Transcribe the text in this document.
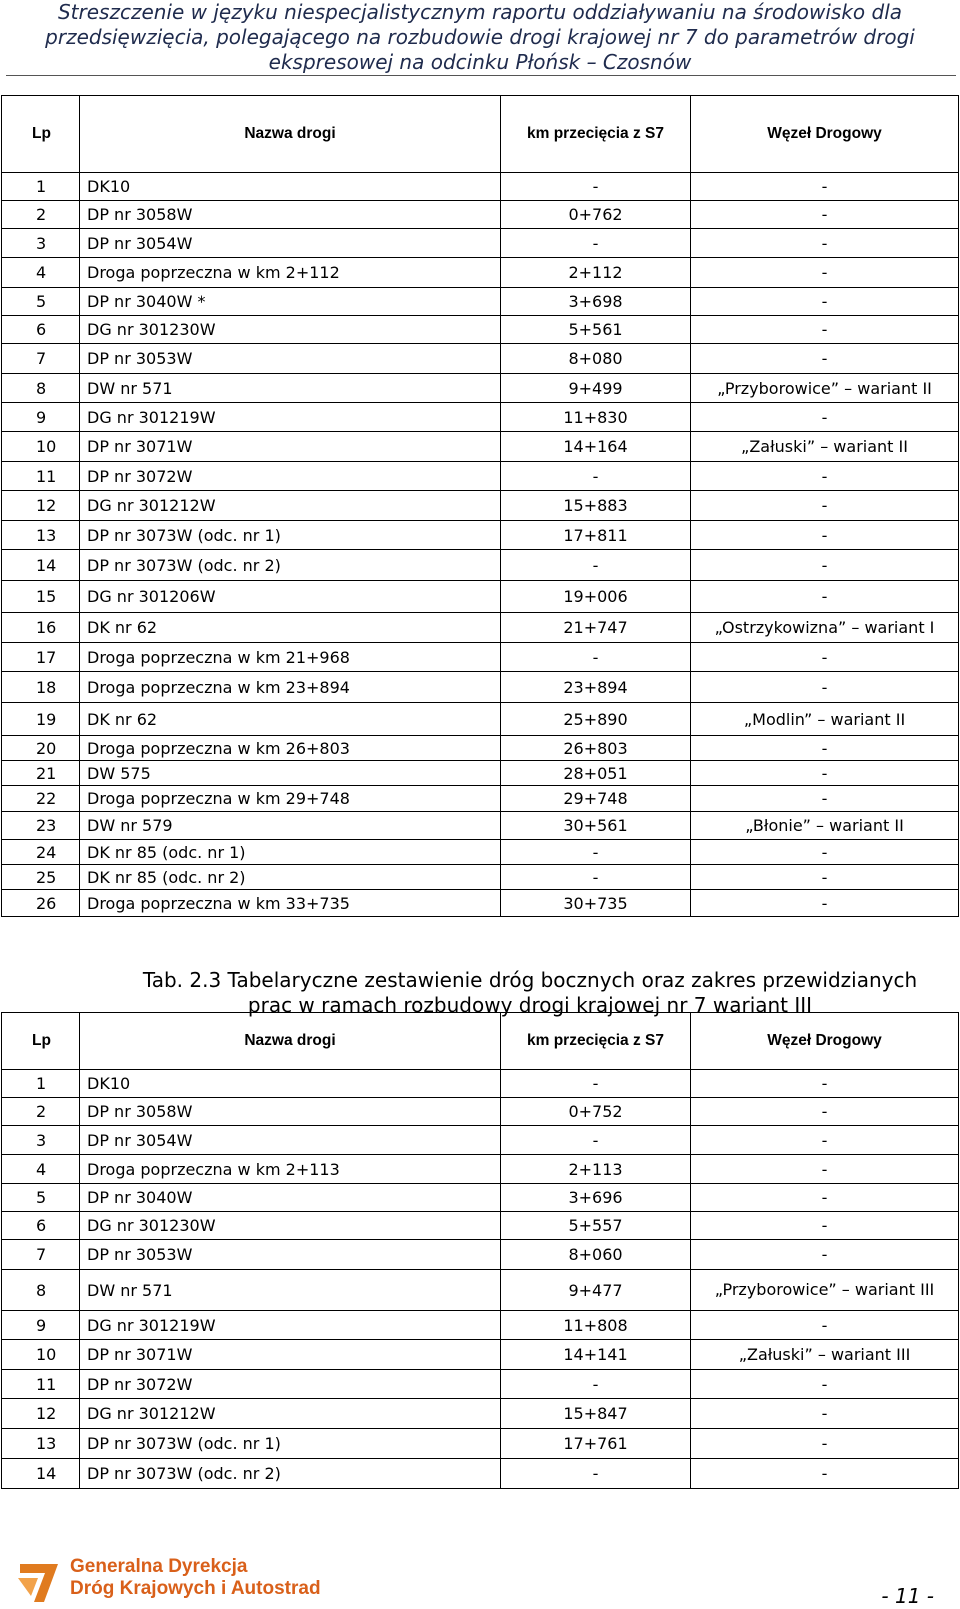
Streszczenie w języku niespecjalistycznym raportu oddziaływaniu na środowisko dla
przedsięwzięcia, polegającego na rozbudowie drogi krajowej nr 7 do parametrów drogi
ekspresowej na odcinku Płońsk – Czosnów
Lp	Nazwa drogi	km przecięcia z S7	Węzeł Drogowy
1	DK10	-	-
2	DP nr 3058W	0+762	-
3	DP nr 3054W	-	-
4	Droga poprzeczna w km 2+112	2+112	-
5	DP nr 3040W *	3+698	-
6	DG nr 301230W	5+561	-
7	DP nr 3053W	8+080	-
8	DW nr 571	9+499	„Przyborowice” – wariant II
9	DG nr 301219W	11+830	-
10	DP nr 3071W	14+164	„Załuski” – wariant II
11	DP nr 3072W	-	-
12	DG nr 301212W	15+883	-
13	DP nr 3073W (odc. nr 1)	17+811	-
14	DP nr 3073W (odc. nr 2)	-	-
15	DG nr 301206W	19+006	-
16	DK nr 62	21+747	„Ostrzykowizna” – wariant I
17	Droga poprzeczna w km 21+968	-	-
18	Droga poprzeczna w km 23+894	23+894	-
19	DK nr 62	25+890	„Modlin” – wariant II
20	Droga poprzeczna w km 26+803	26+803	-
21	DW 575	28+051	-
22	Droga poprzeczna w km 29+748	29+748	-
23	DW nr 579	30+561	„Błonie” – wariant II
24	DK nr 85 (odc. nr 1)	-	-
25	DK nr 85 (odc. nr 2)	-	-
26	Droga poprzeczna w km 33+735	30+735	-
Tab. 2.3 Tabelaryczne zestawienie dróg bocznych oraz zakres przewidzianych
prac w ramach rozbudowy drogi krajowej nr 7 wariant III
Lp	Nazwa drogi	km przecięcia z S7	Węzeł Drogowy
1	DK10	-	-
2	DP nr 3058W	0+752	-
3	DP nr 3054W	-	-
4	Droga poprzeczna w km 2+113	2+113	-
5	DP nr 3040W	3+696	-
6	DG nr 301230W	5+557	-
7	DP nr 3053W	8+060	-
8	DW nr 571	9+477	„Przyborowice” – wariant III
9	DG nr 301219W	11+808	-
10	DP nr 3071W	14+141	„Załuski” – wariant III
11	DP nr 3072W	-	-
12	DG nr 301212W	15+847	-
13	DP nr 3073W (odc. nr 1)	17+761	-
14	DP nr 3073W (odc. nr 2)	-	-
Generalna Dyrekcja
Dróg Krajowych i Autostrad	- 11 -
